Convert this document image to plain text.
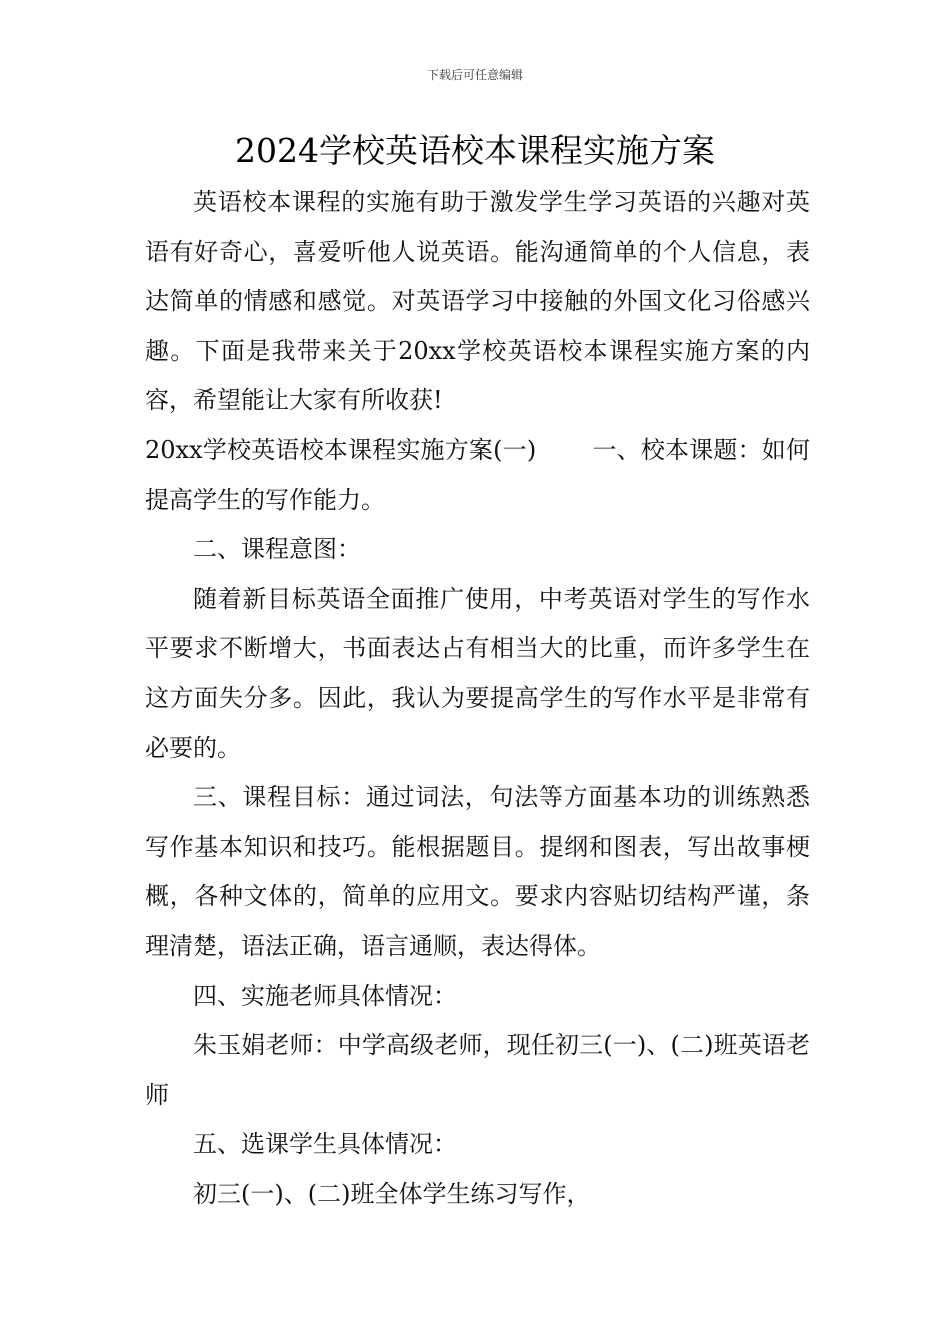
下载后可任意编辑
2024学校英语校本课程实施方案

英语校本课程的实施有助于激发学生学习英语的兴趣对英语有好奇心，喜爱听他人说英语。能沟通简单的个人信息，表达简单的情感和感觉。对英语学习中接触的外国文化习俗感兴趣。下面是我带来关于20xx学校英语校本课程实施方案的内容，希望能让大家有所收获!

20xx学校英语校本课程实施方案(一) 一、校本课题：如何提高学生的写作能力。

二、课程意图：

随着新目标英语全面推广使用，中考英语对学生的写作水平要求不断增大，书面表达占有相当大的比重，而许多学生在这方面失分多。因此，我认为要提高学生的写作水平是非常有必要的。

三、课程目标：通过词法，句法等方面基本功的训练熟悉写作基本知识和技巧。能根据题目。提纲和图表，写出故事梗概，各种文体的，简单的应用文。要求内容贴切结构严谨，条理清楚，语法正确，语言通顺，表达得体。

四、实施老师具体情况：

朱玉娟老师：中学高级老师，现任初三(一)、(二)班英语老师

五、选课学生具体情况：

初三(一)、(二)班全体学生练习写作，
